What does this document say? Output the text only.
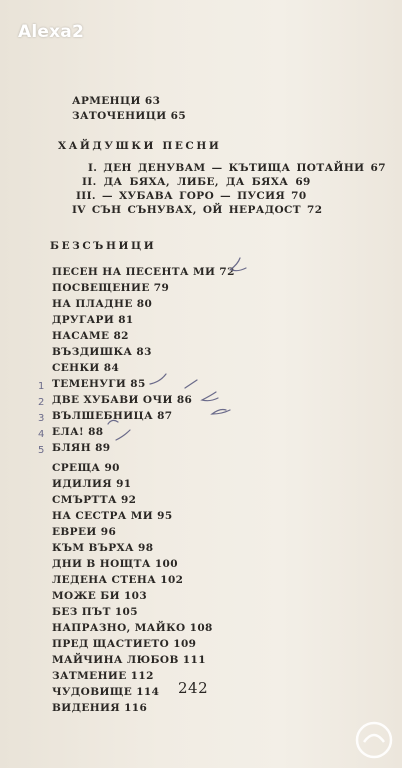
Alexa2
АРМЕНЦИ 63
ЗАТОЧЕНИЦИ 65
ХАЙДУШКИ ПЕСНИ
I. ДЕН ДЕНУВАМ — КЪТИЩА ПОТАЙНИ 67
II. ДА БЯХА, ЛИБЕ, ДА БЯХА 69
III. — ХУБАВА ГОРО — ПУСИЯ 70
IV СЪН СЪНУВАХ, ОЙ НЕРАДОСТ 72
БЕЗСЪНИЦИ
ПЕСЕН НА ПЕСЕНТА МИ 72
ПОСВЕЩЕНИЕ 79
НА ПЛАДНЕ 80
ДРУГАРИ 81
НАСАМЕ 82
ВЪЗДИШКА 83
СЕНКИ 84
ТЕМЕНУГИ 85
ДВЕ ХУБАВИ ОЧИ 86
ВЪЛШЕБНИЦА 87
ЕЛА! 88
БЛЯН 89
СРЕЩА 90
ИДИЛИЯ 91
СМЪРТТА 92
НА СЕСТРА МИ 95
ЕВРЕИ 96
КЪМ ВЪРХА 98
ДНИ В НОЩТА 100
ЛЕДЕНА СТЕНА 102
МОЖЕ БИ 103
БЕЗ ПЪТ 105
НАПРАЗНО, МАЙКО 108
ПРЕД ЩАСТИЕТО 109
МАЙЧИНА ЛЮБОВ 111
ЗАТМЕНИЕ 112
ЧУДОВИЩЕ 114
ВИДЕНИЯ 116
1
2
3
4
5
242
